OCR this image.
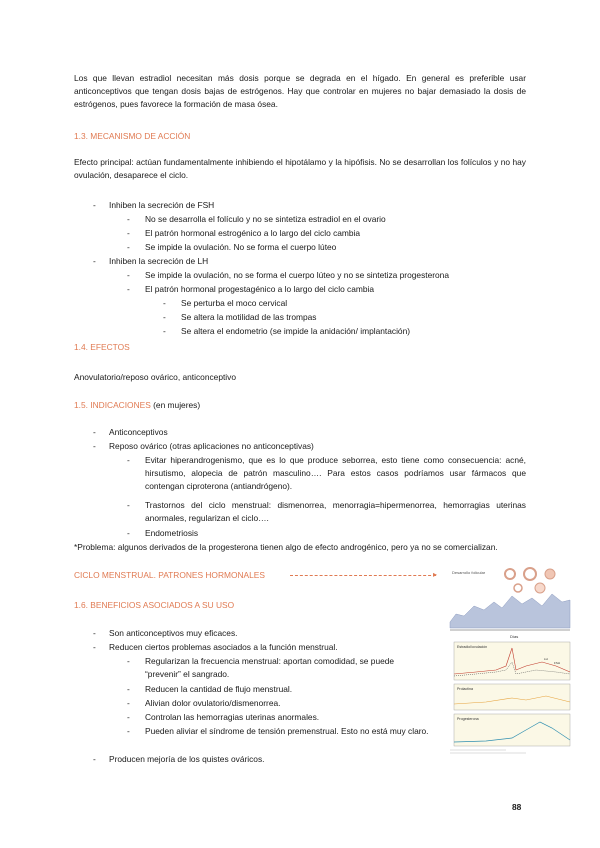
Los que llevan estradiol necesitan más dosis porque se degrada en el hígado. En general es preferible usar anticonceptivos que tengan dosis bajas de estrógenos. Hay que controlar en mujeres no bajar demasiado la dosis de estrógenos, pues favorece la formación de masa ósea.

1.3. MECANISMO DE ACCIÓN

Efecto principal: actúan fundamentalmente inhibiendo el hipotálamo y la hipófisis. No se desarrollan los folículos y no hay ovulación, desaparece el ciclo.

- Inhiben la secreción de FSH
- No se desarrolla el folículo y no se sintetiza estradiol en el ovario
- El patrón hormonal estrogénico a lo largo del ciclo cambia
- Se impide la ovulación. No se forma el cuerpo lúteo
- Inhiben la secreción de LH
- Se impide la ovulación, no se forma el cuerpo lúteo y no se sintetiza progesterona
- El patrón hormonal progestagénico a lo largo del ciclo cambia
- Se perturba el moco cervical
- Se altera la motilidad de las trompas
- Se altera el endometrio (se impide la anidación/ implantación)

1.4. EFECTOS

Anovulatorio/reposo ovárico, anticonceptivo

1.5. INDICACIONES (en mujeres)

- Anticonceptivos
- Reposo ovárico (otras aplicaciones no anticonceptivas)
- Evitar hiperandrogenismo, que es lo que produce seborrea, esto tiene como consecuencia: acné, hirsutismo, alopecia de patrón masculino…. Para estos casos podríamos usar fármacos que contengan ciproterona (antiandrógeno).
- Trastornos del ciclo menstrual: dismenorrea, menorragia=hipermenorrea, hemorragias uterinas anormales, regularizan el ciclo….
- Endometriosis

*Problema: algunos derivados de la progesterona tienen algo de efecto androgénico, pero ya no se comercializan.

CICLO MENSTRUAL. PATRONES HORMONALES	▸

1.6. BENEFICIOS ASOCIADOS A SU USO

- Son anticonceptivos muy eficaces.
- Reducen ciertos problemas asociados a la función menstrual.
- Regularizan la frecuencia menstrual: aportan comodidad, se puede “prevenir” el sangrado.
- Reducen la cantidad de flujo menstrual.
- Alivian dolor ovulatorio/dismenorrea.
- Controlan las hemorragias uterinas anormales.
- Pueden aliviar el síndrome de tensión premenstrual. Esto no está muy claro.
- Producen mejoría de los quistes ováricos.
Desarrollo folicular
Días
Estradiol/ovulación
LH
FSH
Prolactina
Progesterona
88
